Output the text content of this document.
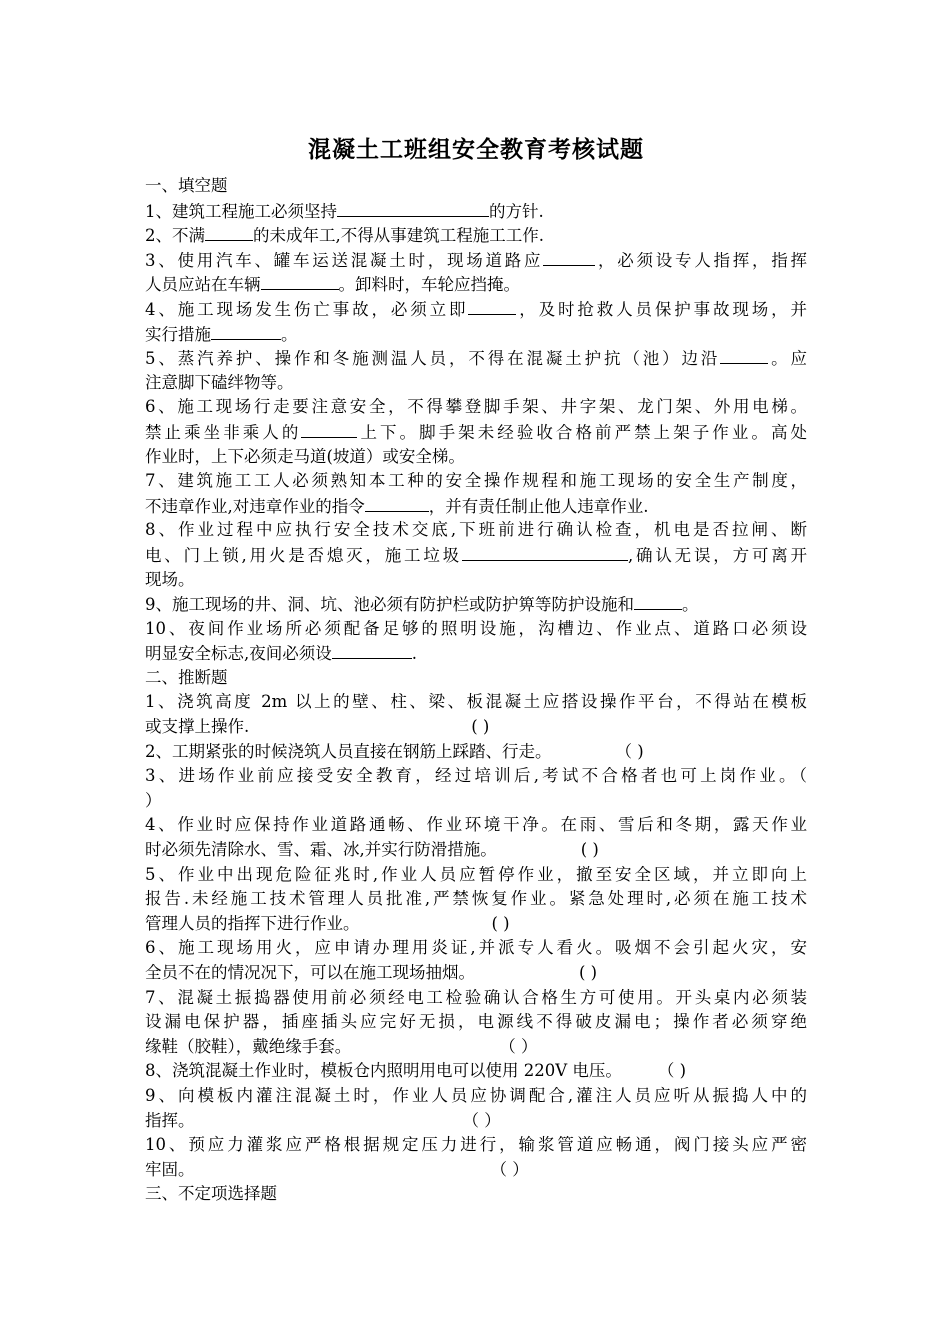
混凝土工班组安全教育考核试题
一、填空题
1、建筑工程施工必须坚持	的方针.
2、不满	的未成年工,不得从事建筑工程施工工作.
3、使用汽车、罐车运送混凝土时，现场道路应	，必须设专人指挥，指挥
人员应站在车辆	。卸料时，车轮应挡掩。
4、施工现场发生伤亡事故，必须立即	，及时抢救人员保护事故现场，并
实行措施	。
5、蒸汽养护、操作和冬施测温人员，不得在混凝土护抗（池）边沿	。应
注意脚下磕绊物等。
6、施工现场行走要注意安全，不得攀登脚手架、井字架、龙门架、外用电梯。
禁止乘坐非乘人的	上下。脚手架未经验收合格前严禁上架子作业。高处
作业时，上下必须走马道(坡道）或安全梯。
7、建筑施工工人必须熟知本工种的安全操作规程和施工现场的安全生产制度，
不违章作业,对违章作业的指令	，并有责任制止他人违章作业.
8、作业过程中应执行安全技术交底,下班前进行确认检查，机电是否拉闸、断
电、门上锁,用火是否熄灭，施工垃圾	,确认无误，方可离开
现场。
9、施工现场的井、洞、坑、池必须有防护栏或防护箅等防护设施和	。
10、夜间作业场所必须配备足够的照明设施，沟槽边、作业点、道路口必须设
明显安全标志,夜间必须设	.
二、推断题
1、浇筑高度 2m 以上的壁、柱、梁、板混凝土应搭设操作平台，不得站在模板
或支撑上操作.	( )
2、工期紧张的时候浇筑人员直接在钢筋上踩踏、行走。	（ )
3、进场作业前应接受安全教育，经过培训后,考试不合格者也可上岗作业。（
）
4、作业时应保持作业道路通畅、作业环境干净。在雨、雪后和冬期，露天作业
时必须先清除水、雪、霜、冰,并实行防滑措施。	( )
5、作业中出现危险征兆时,作业人员应暂停作业，撤至安全区域，并立即向上
报告.未经施工技术管理人员批准,严禁恢复作业。紧急处理时,必须在施工技术
管理人员的指挥下进行作业。	( )
6、施工现场用火，应申请办理用炎证,并派专人看火。吸烟不会引起火灾，安
全员不在的情况况下，可以在施工现场抽烟。	( )
7、混凝土振捣器使用前必须经电工检验确认合格生方可使用。开头桌内必须装
设漏电保护器，插座插头应完好无损，电源线不得破皮漏电；操作者必须穿绝
缘鞋（胶鞋），戴绝缘手套。	（ ）
8、浇筑混凝土作业时，模板仓内照明用电可以使用 220V 电压。 （ )
9、向模板内灌注混凝土时，作业人员应协调配合,灌注人员应听从振捣人中的
指挥。	（ ）
10、预应力灌浆应严格根据规定压力进行，输浆管道应畅通，阀门接头应严密
牢固。	（ ）
三、不定项选择题
